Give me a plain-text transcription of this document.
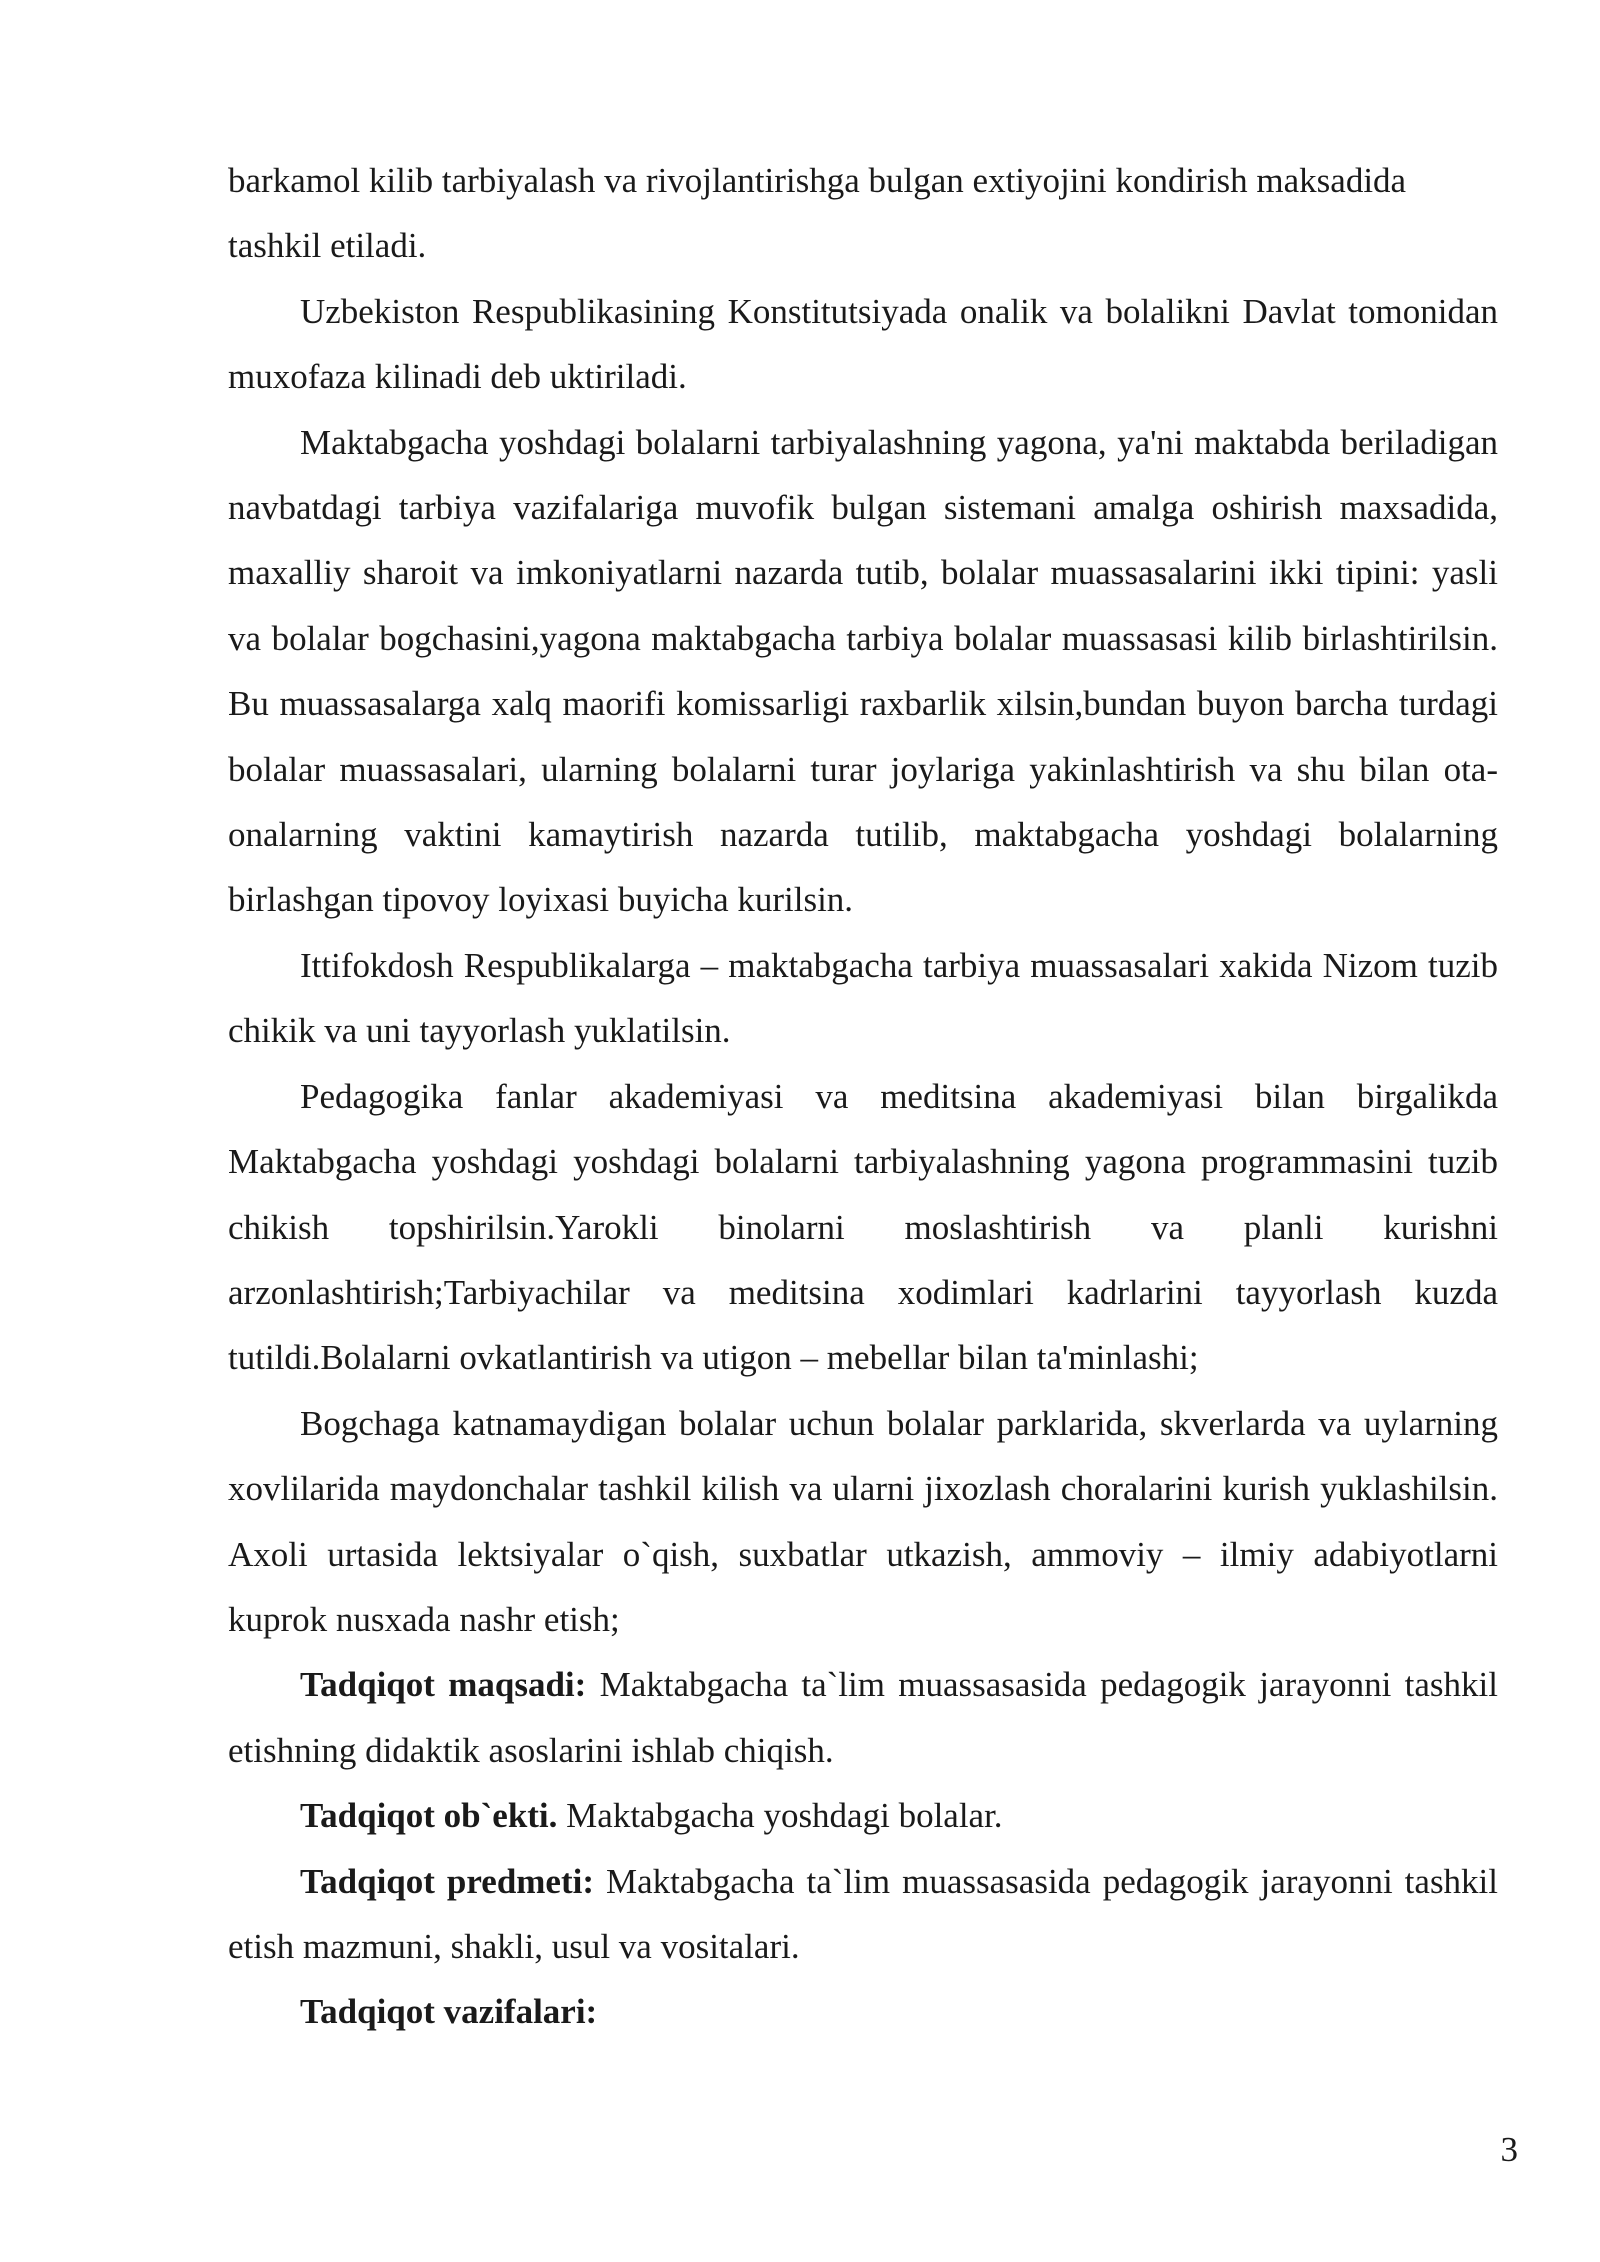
barkamol kilib tarbiyalash va rivojlantirishga bulgan extiyojini kondirish maksadida tashkil etiladi.

Uzbekiston Respublikasining Konstitutsiyada onalik va bolalikni Davlat tomonidan muxofaza kilinadi deb uktiriladi.

Maktabgacha yoshdagi bolalarni tarbiyalashning yagona, ya'ni maktabda beriladigan navbatdagi tarbiya vazifalariga muvofik bulgan sistemani amalga oshirish maxsadida, maxalliy sharoit va imkoniyatlarni nazarda tutib, bolalar muassasalarini ikki tipini: yasli va bolalar bogchasini,yagona maktabgacha tarbiya bolalar muassasasi kilib birlashtirilsin. Bu muassasalarga xalq maorifi komissarligi raxbarlik xilsin,bundan buyon barcha turdagi bolalar muassasalari, ularning bolalarni turar joylariga yakinlashtirish va shu bilan ota-onalarning vaktini kamaytirish nazarda tutilib, maktabgacha yoshdagi bolalarning birlashgan tipovoy loyixasi buyicha kurilsin.

Ittifokdosh Respublikalarga – maktabgacha tarbiya muassasalari xakida Nizom tuzib chikik va uni tayyorlash yuklatilsin.

Pedagogika fanlar akademiyasi va meditsina akademiyasi bilan birgalikda Maktabgacha yoshdagi yoshdagi bolalarni tarbiyalashning yagona programmasini tuzib chikish topshirilsin.Yarokli binolarni moslashtirish va planli kurishni arzonlashtirish;Tarbiyachilar va meditsina xodimlari kadrlarini tayyorlash kuzda tutildi.Bolalarni ovkatlantirish va utigon – mebellar bilan ta'minlashi;

Bogchaga katnamaydigan bolalar uchun bolalar parklarida, skverlarda va uylarning xovlilarida maydonchalar tashkil kilish va ularni jixozlash choralarini kurish yuklashilsin. Axoli urtasida lektsiyalar o`qish, suxbatlar utkazish, ammoviy – ilmiy adabiyotlarni kuprok nusxada nashr etish;

Tadqiqot maqsadi: Maktabgacha ta`lim muassasasida pedagogik jarayonni tashkil etishning didaktik asoslarini ishlab chiqish.

Tadqiqot ob`ekti. Maktabgacha yoshdagi bolalar.

Tadqiqot predmeti: Maktabgacha ta`lim muassasasida pedagogik jarayonni tashkil etish mazmuni, shakli, usul va vositalari.

Tadqiqot vazifalari:

3
